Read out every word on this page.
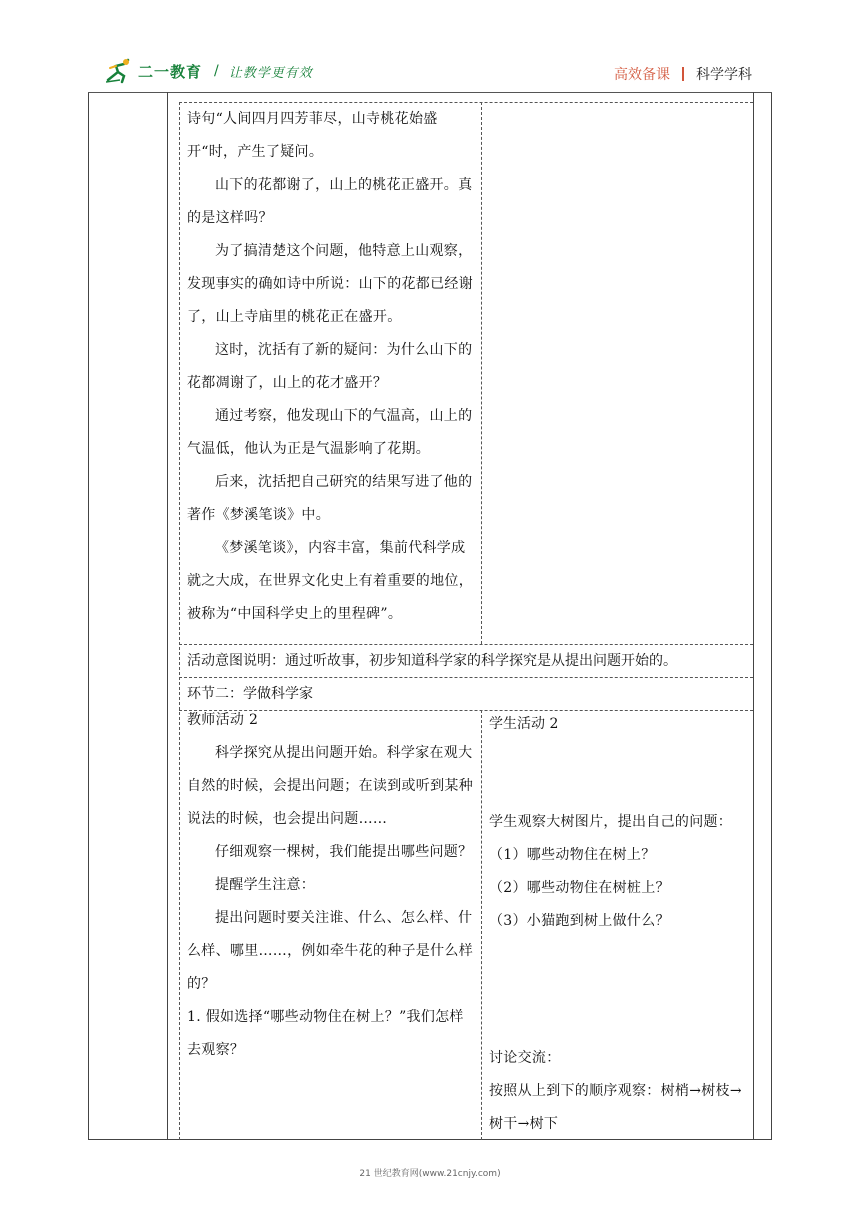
二一教育 / 让教学更有效	高效备课 科学学科

诗句“人间四月四芳菲尽，山寺桃花始盛开“时，产生了疑问。

山下的花都谢了，山上的桃花正盛开。真的是这样吗？

为了搞清楚这个问题，他特意上山观察，发现事实的确如诗中所说：山下的花都已经谢了，山上寺庙里的桃花正在盛开。

这时，沈括有了新的疑问：为什么山下的花都凋谢了，山上的花才盛开？

通过考察，他发现山下的气温高，山上的气温低，他认为正是气温影响了花期。

后来，沈括把自己研究的结果写进了他的著作《梦溪笔谈》中。

《梦溪笔谈》，内容丰富，集前代科学成就之大成，在世界文化史上有着重要的地位，被称为“中国科学史上的里程碑”。

活动意图说明：通过听故事，初步知道科学家的科学探究是从提出问题开始的。
环节二：学做科学家

教师活动 2

科学探究从提出问题开始。科学家在观大自然的时候，会提出问题；在读到或听到某种说法的时候，也会提出问题……

仔细观察一棵树，我们能提出哪些问题？

提醒学生注意：

提出问题时要关注谁、什么、怎么样、什么样、哪里……，例如牵牛花的种子是什么样的？

1. 假如选择“哪些动物住在树上？”我们怎样去观察？

学生活动 2

学生观察大树图片，提出自己的问题：

（1）哪些动物住在树上？

（2）哪些动物住在树桩上？

（3）小猫跑到树上做什么？

讨论交流：

按照从上到下的顺序观察：树梢→树枝→树干→树下

21 世纪教育网(www.21cnjy.com)
